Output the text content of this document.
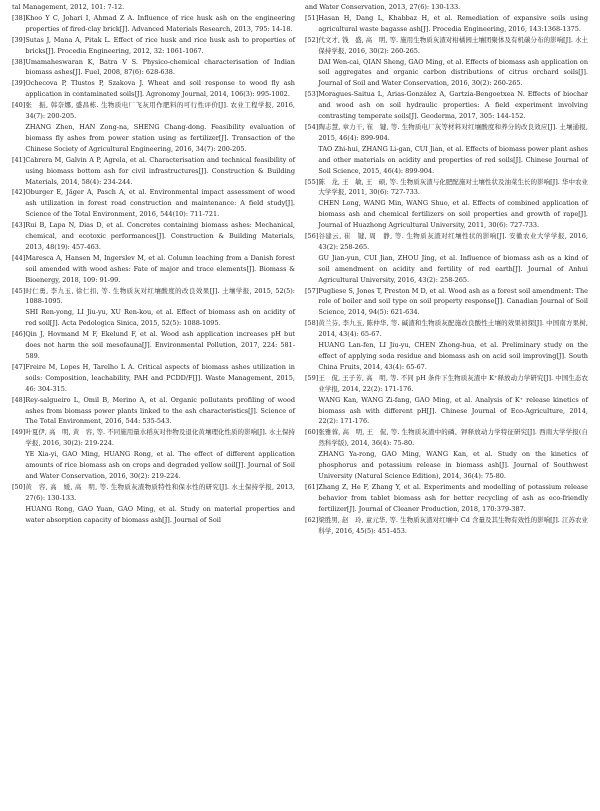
tal Management, 2012, 101: 7-12.
[38] Khoo Y C, Johari I, Ahmad Z A. Influence of rice husk ash on the engineering properties of fired-clay brick[J]. Advanced Materials Research, 2013, 795: 14-18.
[39] Sutas J, Mana A, Pitak L. Effect of rice husk and rice husk ash to properties of bricks[J]. Procedia Engineering, 2012, 32: 1061-1067.
[38] Umamaheswaran K, Batra V S. Physico-chemical characterisation of Indian biomass ashes[J]. Fuel, 2008, 87(6): 628-638.
[39] Ochecova P, Tlustos P, Szakova J. Wheat and soil response to wood fly ash application in contaminated soils[J]. Agronomy Journal, 2014, 106(3): 995-1002.
[40] 张　振, 韩奈娜, 盛昌栋. 生物质电厂飞灰用作肥料的可行性评价[J]. 农业工程学报, 2016, 34(7): 200-205.
ZHANG Zhen, HAN Zong-na, SHENG Chang-dong. Feasibility evaluation of biomass fly ashes from power station using as fertilizer[J]. Transaction of the Chinese Society of Agricultural Engineering, 2016, 34(7): 200-205.
[41] Cabrera M, Galvin A P, Agrela, et al. Characterisation and technical feasibility of using biomass bottom ash for civil infrastructures[J]. Construction & Building Materials, 2014, 58(4): 234-244.
[42] Oburger E, Jäger A, Pasch A, et al. Environmental impact assessment of wood ash utilization in forest road construction and maintenance: A field study[J]. Science of the Total Environment, 2016, 544(10): 711-721.
[43] Rui B, Lapa N, Dias D, et al. Concretes containing biomass ashes: Mechanical, chemical, and ecotoxic performances[J]. Construction & Building Materials, 2013, 48(19): 457-463.
[44] Maresca A, Hansen M, Ingerslev M, et al. Column leaching from a Danish forest soil amended with wood ashes: Fate of major and trace elements[J]. Biomass & Bioenergy, 2018, 109: 91-99.
[45] 时仁勇, 李九玉, 徐仁扣, 等. 生物质灰对红壤酸度的改良效果[J]. 土壤学报, 2015, 52(5): 1088-1095.
SHI Ren-yong, LI Jiu-yu, XU Ren-kou, et al. Effect of biomass ash on acidity of red soil[J]. Acta Pedologica Sinica, 2015, 52(5): 1088-1095.
[46] Qin J, Hovmand M F, Ekelund F, et al. Wood ash application increases pH but does not harm the soil mesofauna[J]. Environmental Pollution, 2017, 224: 581-589.
[47] Freire M, Lopes H, Tarelho L A. Critical aspects of biomass ashes utilization in soils: Composition, leachability, PAH and PCDD/F[J]. Waste Management, 2015, 46: 304-315.
[48] Rey-salgueiro L, Omil B, Merino A, et al. Organic pollutants profiling of wood ashes from biomass power plants linked to the ash characteristics[J]. Science of The Total Environment, 2016, 544: 535-543.
[49] 叶夏伊, 高　明, 黄　容, 等. 不同施用量水稻灰对作物及退化黄壤理化性质的影响[J]. 水土保持学报, 2016, 30(2): 219-224.
YE Xia-yi, GAO Ming, HUANG Rong, et al. The effect of different application amounts of rice biomass ash on crops and degraded yellow soil[J]. Journal of Soil and Water Conservation, 2016, 30(2): 219-224.
[50] 黄　容, 高　媛, 高　明, 等. 生物质灰渣物质特性和保水性的研究[J]. 水土保持学报, 2013, 27(6): 130-133.
HUANG Rong, GAO Yuan, GAO Ming, et al. Study on material properties and water absorption capacity of biomass ash[J]. Journal of Soil
and Water Conservation, 2013, 27(6): 130-133.
[51] Hasan H, Dang L, Khabbaz H, et al. Remediation of expansive soils using agricultural waste bagasse ash[J]. Procedia Engineering, 2016, 143:1368-1375.
[52] 代文才, 钱　盛, 高　明, 等. 施用生物质灰渣对柑橘园土壤团聚体及有机碳分布的影响[J]. 水土保持学报, 2016, 30(2): 260-265.
DAI Wen-cai, QIAN Sheng, GAO Ming, et al. Effects of biomass ash application on soil aggregates and organic carbon distributions of citrus orchard soils[J]. Journal of Soil and Water Conservation, 2016, 30(2): 260-265.
[53] Moragues-Saitua L, Arias-González A, Gartzia-Bengoetxea N. Effects of biochar and wood ash on soil hydraulic properties: A field experiment involving contrasting temperate soils[J]. Geoderma, 2017, 305: 144-152.
[54] 陶志慧, 章力干, 崔　键, 等. 生物质电厂灰等材料对红壤酸度和养分的改良效应[J]. 土壤通报, 2015, 46(4): 899-904.
TAO Zhi-hui, ZHANG Li-gan, CUI Jian, et al. Effects of biomass power plant ashes and other materials on acidity and properties of red soils[J]. Chinese Journal of Soil Science, 2015, 46(4): 899-904.
[55] 陈　龙, 王　敏, 王　硕, 等. 生物质灰渣与化肥配施对土壤性状及油菜生长的影响[J]. 华中农业大学学报, 2011, 30(6): 727-733.
CHEN Long, WANG Min, WANG Shuo, et al. Effects of combined application of biomass ash and chemical fertilizers on soil properties and growth of rape[J]. Journal of Huazhong Agricultural University, 2011, 30(6): 727-733.
[56] 谷建云, 崔　键, 周　静, 等. 生物质灰渣对红壤性状的影响[J]. 安徽农业大学学报, 2016, 43(2): 258-265.
GU Jian-yun, CUI Jian, ZHOU Jing, et al. Influence of biomass ash as a kind of soil amendment on acidity and fertility of red earth[J]. Journal of Anhui Agricultural University, 2016, 43(2): 258-265.
[57] Pugliese S, Jones T, Preston M D, et al. Wood ash as a forest soil amendment: The role of boiler and soil type on soil property response[J]. Canadian Journal of Soil Science, 2014, 94(5): 621-634.
[58] 黄兰芬, 李九玉, 陈仲华, 等. 碱渣和生物质灰配施改良酸性土壤的效果初探[J]. 中国南方果树, 2014, 43(4): 65-67.
HUANG Lan-fen, LI Jiu-yu, CHEN Zhong-hua, et al. Preliminary study on the effect of applying soda residue and biomass ash on acid soil improving[J]. South China Fruits, 2014, 43(4): 65-67.
[59] 王　侃, 王子芳, 高　明, 等. 不同 pH 条件下生物质灰渣中 K⁺释放动力学研究[J]. 中国生态农业学报, 2014, 22(2): 171-176.
WANG Kan, WANG Zi-fang, GAO Ming, et al. Analysis of K⁺ release kinetics of biomass ash with different pH[J]. Chinese Journal of Eco-Agriculture, 2014, 22(2): 171-176.
[60] 张雅蓉, 高　明, 王　侃, 等. 生物质灰渣中的磷、钾释放动力学特征研究[J]. 西南大学学报(自然科学版), 2014, 36(4): 75-80.
ZHANG Ya-rong, GAO Ming, WANG Kan, et al. Study on the kinetics of phosphorus and potassium release in biomass ash[J]. Journal of Southwest University (Natural Science Edition), 2014, 36(4): 75-80.
[61] Zhang Z, He F, Zhang Y, et al. Experiments and modelling of potassium release behavior from tablet biomass ash for better recycling of ash as eco-friendly fertilizer[J]. Journal of Cleaner Production, 2018, 170:379-387.
[62] 梁胜男, 赵　玲, 童元华, 等. 生物质灰渣对红壤中 Cd 含量及其生物有效性的影响[J]. 江苏农业科学, 2016, 45(5): 451-453.
